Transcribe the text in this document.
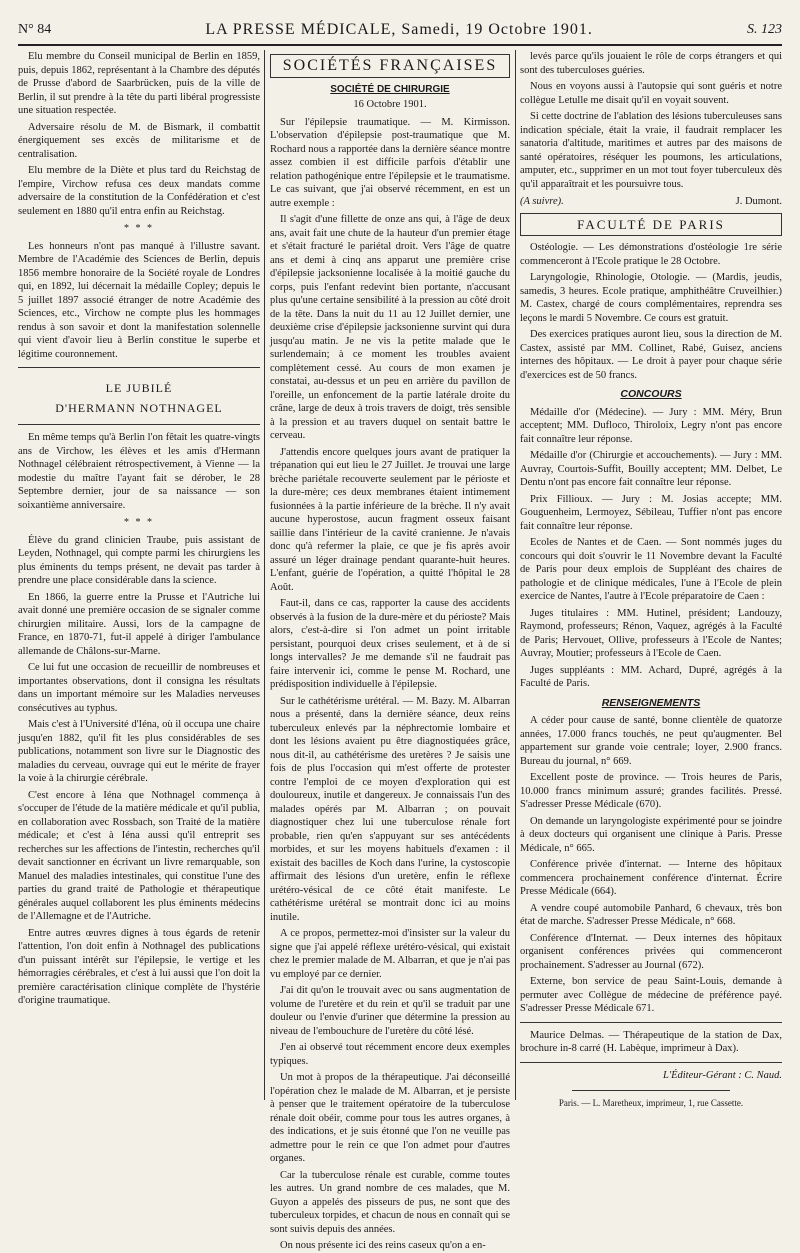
N° 84	LA PRESSE MÉDICALE, Samedi, 19 Octobre 1901.	S. 123

Elu membre du Conseil municipal de Berlin en 1859, puis, depuis 1862, représentant à la Chambre des députés de Prusse d'abord de Saarbrücken, puis de la ville de Berlin, il sut prendre à la tête du parti libéral progressiste une situation respectée.

Adversaire résolu de M. de Bismark, il combattit énergiquement ses excès de militarisme et de centralisation.

Elu membre de la Diète et plus tard du Reichstag de l'empire, Virchow refusa ces deux mandats comme adversaire de la constitution de la Confédération et c'est seulement en 1880 qu'il entra enfin au Reichstag.

* * *

Les honneurs n'ont pas manqué à l'illustre savant. Membre de l'Académie des Sciences de Berlin, depuis 1856 membre honoraire de la Société royale de Londres qui, en 1892, lui décernait la médaille Copley; depuis le 5 juillet 1897 associé étranger de notre Académie des Sciences, etc., Virchow ne compte plus les hommages rendus à son savoir et dont la manifestation solennelle qui vient d'avoir lieu à Berlin constitue le superbe et légitime couronnement.

LE JUBILÉ
D'HERMANN NOTHNAGEL

En même temps qu'à Berlin l'on fêtait les quatre-vingts ans de Virchow, les élèves et les amis d'Hermann Nothnagel célébraient rétrospectivement, à Vienne — la modestie du maître l'ayant fait se dérober, le 28 Septembre dernier, jour de sa naissance — son soixantième anniversaire.

* * *

Élève du grand clinicien Traube, puis assistant de Leyden, Nothnagel, qui compte parmi les chirurgiens les plus éminents du temps présent, ne devait pas tarder à prendre une place considérable dans la science.

En 1866, la guerre entre la Prusse et l'Autriche lui avait donné une première occasion de se signaler comme chirurgien militaire. Aussi, lors de la campagne de France, en 1870-71, fut-il appelé à diriger l'ambulance allemande de Châlons-sur-Marne.

Ce lui fut une occasion de recueillir de nombreuses et importantes observations, dont il consigna les résultats dans un important mémoire sur les Maladies nerveuses consécutives au typhus.

Mais c'est à l'Université d'Iéna, où il occupa une chaire jusqu'en 1882, qu'il fit les plus considérables de ses publications, notamment son livre sur le Diagnostic des maladies du cerveau, ouvrage qui eut le mérite de frayer la voie à la chirurgie cérébrale.

C'est encore à Iéna que Nothnagel commença à s'occuper de l'étude de la matière médicale et qu'il publia, en collaboration avec Rossbach, son Traité de la matière médicale; et c'est à Iéna aussi qu'il entreprit ses recherches sur les affections de l'intestin, recherches qu'il devait sanctionner en écrivant un livre remarquable, son Manuel des maladies intestinales, qui constitue l'une des parties du grand traité de Pathologie et thérapeutique générales auquel collaborent les plus éminents médecins de l'Allemagne et de l'Autriche.

Entre autres œuvres dignes à tous égards de retenir l'attention, l'on doit enfin à Nothnagel des publications d'un puissant intérêt sur l'épilepsie, le vertige et les hémorragies cérébrales, et c'est à lui aussi que l'on doit la première caractérisation clinique complète de l'hystérie d'origine traumatique.

SOCIÉTÉS FRANÇAISES
SOCIÉTÉ DE CHIRURGIE
16 Octobre 1901.

Sur l'épilepsie traumatique. — M. Kirmisson. L'observation d'épilepsie post-traumatique que M. Rochard nous a rapportée dans la dernière séance montre assez combien il est difficile parfois d'établir une relation pathogénique entre l'épilepsie et le traumatisme. Le cas suivant, que j'ai observé récemment, en est un autre exemple :

Il s'agit d'une fillette de onze ans qui, à l'âge de deux ans, avait fait une chute de la hauteur d'un premier étage et s'était fracturé le pariétal droit. Vers l'âge de quatre ans et demi à cinq ans apparut une première crise d'épilepsie jacksonienne localisée à la moitié gauche du corps, puis l'enfant redevint bien portante, n'accusant plus qu'une certaine sensibilité à la pression au côté droit de la tête. Dans la nuit du 11 au 12 Juillet dernier, une deuxième crise d'épilepsie jacksonienne survint qui dura jusqu'au matin. Je ne vis la petite malade que le surlendemain; à ce moment les troubles avaient complètement cessé. Au cours de mon examen je constatai, au-dessus et un peu en arrière du pavillon de l'oreille, un enfoncement de la partie latérale droite du crâne, large de deux à trois travers de doigt, très sensible à la pression et au travers duquel on sentait battre le cerveau.

J'attendis encore quelques jours avant de pratiquer la trépanation qui eut lieu le 27 Juillet. Je trouvai une large brèche pariétale recouverte seulement par le périoste et la dure-mère; ces deux membranes étaient intimement fusionnées à la partie inférieure de la brèche. Il n'y avait aucune hyperostose, aucun fragment osseux faisant saillie dans l'intérieur de la cavité cranienne. Je n'avais donc qu'à refermer la plaie, ce que je fis après avoir assuré un léger drainage pendant quarante-huit heures. L'enfant, guérie de l'opération, a quitté l'hôpital le 28 Août.

Faut-il, dans ce cas, rapporter la cause des accidents observés à la fusion de la dure-mère et du périoste? Mais alors, c'est-à-dire si l'on admet un point irritable persistant, pourquoi deux crises seulement, et à de si longs intervalles? Je me demande s'il ne faudrait pas faire intervenir ici, comme le pense M. Rochard, une prédisposition individuelle à l'épilepsie.

Sur le cathétérisme urétéral. — M. Bazy. M. Albarran nous a présenté, dans la dernière séance, deux reins tuberculeux enlevés par la néphrectomie lombaire et dont les lésions avaient pu être diagnostiquées grâce, nous dit-il, au cathétérisme des uretères ? Je saisis une fois de plus l'occasion qui m'est offerte de protester contre l'emploi de ce moyen d'exploration qui est douloureux, inutile et dangereux. Je connaissais l'un des malades opérés par M. Albarran ; on pouvait diagnostiquer chez lui une tuberculose rénale fort probable, rien qu'en s'appuyant sur ses antécédents morbides, et sur les moyens habituels d'examen : il existait des bacilles de Koch dans l'urine, la cystoscopie affirmait des lésions d'un uretère, enfin le réflexe urétéro-vésical de ce côté était manifeste. Le cathétérisme urétéral se montrait donc ici au moins inutile.

A ce propos, permettez-moi d'insister sur la valeur du signe que j'ai appelé réflexe urétéro-vésical, qui existait chez le premier malade de M. Albarran, et que je n'ai pas vu employé par ce dernier.

J'ai dit qu'on le trouvait avec ou sans augmentation de volume de l'uretère et du rein et qu'il se traduit par une douleur ou l'envie d'uriner que détermine la pression au niveau de l'embouchure de l'uretère du côté lésé.

J'en ai observé tout récemment encore deux exemples typiques.

Un mot à propos de la thérapeutique. J'ai déconseillé l'opération chez le malade de M. Albarran, et je persiste à penser que le traitement opératoire de la tuberculose rénale doit obéir, comme pour tous les autres organes, à des indications, et je suis étonné que l'on ne veuille pas admettre pour le rein ce que l'on admet pour d'autres organes.

Car la tuberculose rénale est curable, comme toutes les autres. Un grand nombre de ces malades, que M. Guyon a appelés des pisseurs de pus, ne sont que des tuberculeux torpides, et chacun de nous en connaît qui se sont suivis depuis des années.

On nous présente ici des reins caseux qu'on a en-

levés parce qu'ils jouaient le rôle de corps étrangers et qui sont des tuberculoses guéries.

Nous en voyons aussi à l'autopsie qui sont guéris et notre collègue Letulle me disait qu'il en voyait souvent.

Si cette doctrine de l'ablation des lésions tuberculeuses sans indication spéciale, était la vraie, il faudrait remplacer les sanatoria d'altitude, maritimes et autres par des maisons de santé opératoires, réséquer les poumons, les articulations, amputer, etc., supprimer en un mot tout foyer tuberculeux dès qu'il apparaîtrait et les poursuivre tous.

(A suivre).	J. Dumont.
FACULTÉ DE PARIS

Ostéologie. — Les démonstrations d'ostéologie 1re série commenceront à l'Ecole pratique le 28 Octobre.

Laryngologie, Rhinologie, Otologie. — (Mardis, jeudis, samedis, 3 heures. Ecole pratique, amphithéâtre Cruveilhier.) M. Castex, chargé de cours complémentaires, reprendra ses leçons le mardi 5 Novembre. Ce cours est gratuit.

Des exercices pratiques auront lieu, sous la direction de M. Castex, assisté par MM. Collinet, Rabé, Guisez, anciens internes des hôpitaux. — Le droit à payer pour chaque série d'exercices est de 50 francs.

CONCOURS

Médaille d'or (Médecine). — Jury : MM. Méry, Brun acceptent; MM. Dufloco, Thiroloix, Legry n'ont pas encore fait connaître leur réponse.

Médaille d'or (Chirurgie et accouchements). — Jury : MM. Auvray, Courtois-Suffit, Bouilly acceptent; MM. Delbet, Le Dentu n'ont pas encore fait connaître leur réponse.

Prix Fillioux. — Jury : M. Josias accepte; MM. Gouguenheim, Lermoyez, Sébileau, Tuffier n'ont pas encore fait connaître leur réponse.

Ecoles de Nantes et de Caen. — Sont nommés juges du concours qui doit s'ouvrir le 11 Novembre devant la Faculté de Paris pour deux emplois de Suppléant des chaires de pathologie et de clinique médicales, l'une à l'Ecole de plein exercice de Nantes, l'autre à l'Ecole préparatoire de Caen :

Juges titulaires : MM. Hutinel, président; Landouzy, Raymond, professeurs; Rénon, Vaquez, agrégés à la Faculté de Paris; Hervouet, Ollive, professeurs à l'Ecole de Nantes; Auvray, Moutier; professeurs à l'Ecole de Caen.

Juges suppléants : MM. Achard, Dupré, agrégés à la Faculté de Paris.

RENSEIGNEMENTS

A céder pour cause de santé, bonne clientèle de quatorze années, 17.000 francs touchés, ne peut qu'augmenter. Bel appartement sur grande voie centrale; loyer, 2.900 francs. Bureau du journal, n° 669.

Excellent poste de province. — Trois heures de Paris, 10.000 francs minimum assuré; grandes facilités. Pressé. S'adresser Presse Médicale (670).

On demande un laryngologiste expérimenté pour se joindre à deux docteurs qui organisent une clinique à Paris. Presse Médicale, n° 665.

Conférence privée d'internat. — Interne des hôpitaux commencera prochainement conférence d'internat. Écrire Presse Médicale (664).

A vendre coupé automobile Panhard, 6 chevaux, très bon état de marche. S'adresser Presse Médicale, n° 668.

Conférence d'Internat. — Deux internes des hôpitaux organisent conférences privées qui commenceront prochainement. S'adresser au Journal (672).

Externe, bon service de peau Saint-Louis, demande à permuter avec Collègue de médecine de préférence payé. S'adresser Presse Médicale 671.

Maurice Delmas. — Thérapeutique de la station de Dax, brochure in-8 carré (H. Labèque, imprimeur à Dax).

L'Éditeur-Gérant : C. Naud.
Paris. — L. Maretheux, imprimeur, 1, rue Cassette.
